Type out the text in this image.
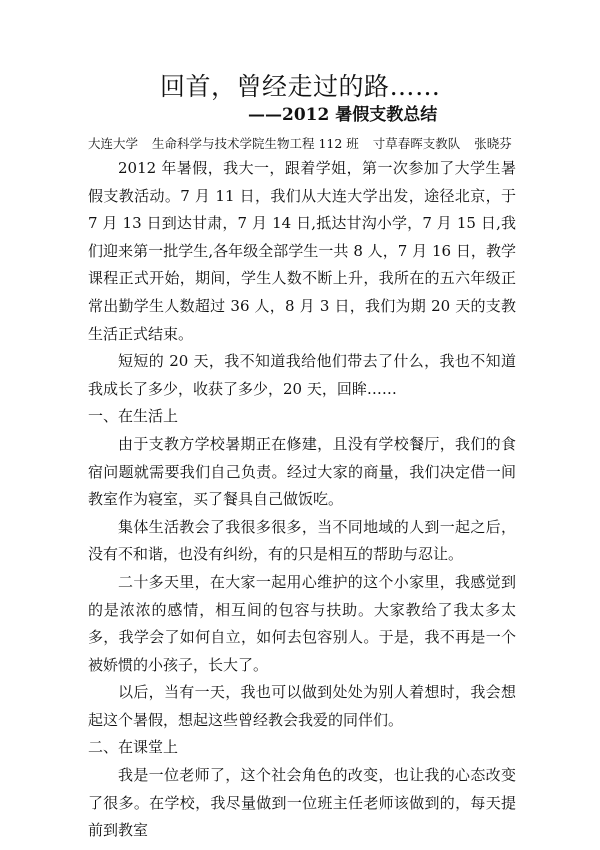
回首，曾经走过的路……
——2012 暑假支教总结
大连大学 生命科学与技术学院生物工程 112 班 寸草春晖支教队 张晓芬

2012 年暑假，我大一，跟着学姐，第一次参加了大学生暑假支教活动。7 月 11 日，我们从大连大学出发，途径北京，于 7 月 13 日到达甘肃，7 月 14 日,抵达甘沟小学，7 月 15 日,我们迎来第一批学生,各年级全部学生一共 8 人，7 月 16 日，教学课程正式开始，期间，学生人数不断上升，我所在的五六年级正常出勤学生人数超过 36 人，8 月 3 日，我们为期 20 天的支教生活正式结束。

短短的 20 天，我不知道我给他们带去了什么，我也不知道我成长了多少，收获了多少，20 天，回眸……

一、在生活上

由于支教方学校暑期正在修建，且没有学校餐厅，我们的食宿问题就需要我们自己负责。经过大家的商量，我们决定借一间教室作为寝室，买了餐具自己做饭吃。

集体生活教会了我很多很多，当不同地域的人到一起之后，没有不和谐，也没有纠纷，有的只是相互的帮助与忍让。

二十多天里，在大家一起用心维护的这个小家里，我感觉到的是浓浓的感情，相互间的包容与扶助。大家教给了我太多太多，我学会了如何自立，如何去包容别人。于是，我不再是一个被娇惯的小孩子，长大了。

以后，当有一天，我也可以做到处处为别人着想时，我会想起这个暑假，想起这些曾经教会我爱的同伴们。

二、在课堂上

我是一位老师了，这个社会角色的改变，也让我的心态改变了很多。在学校，我尽量做到一位班主任老师该做到的，每天提前到教室
